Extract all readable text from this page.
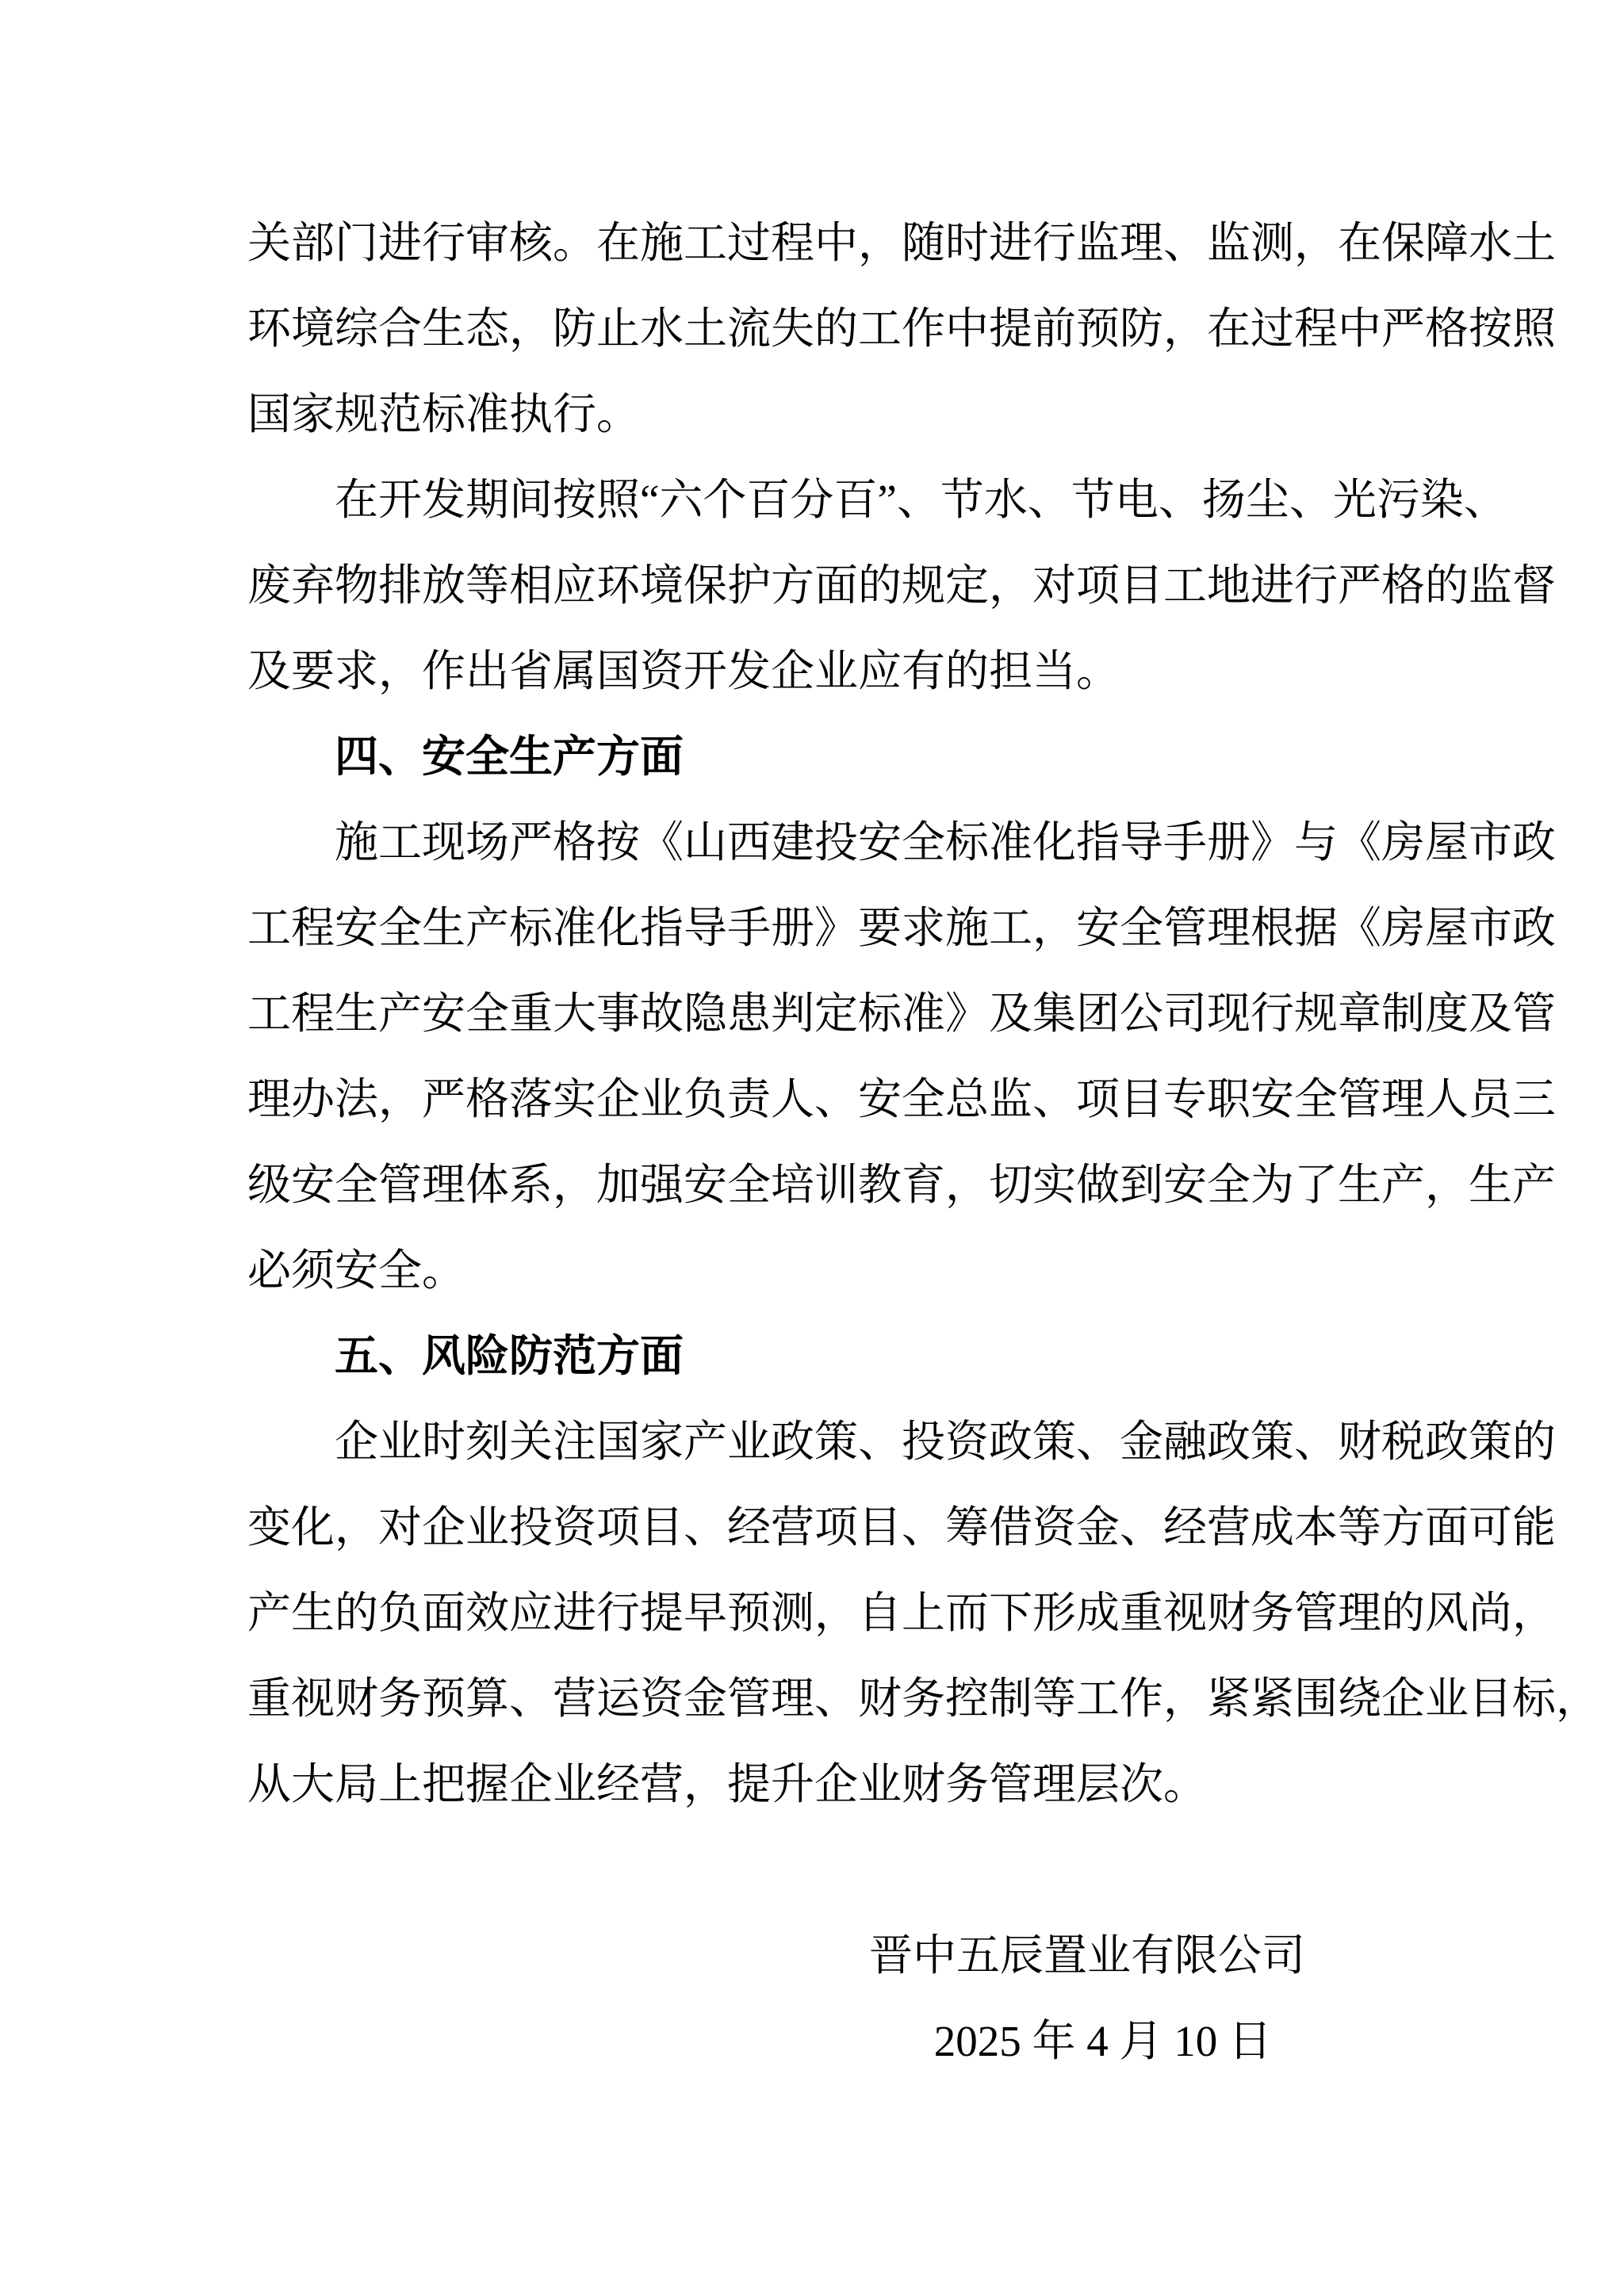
关部门进行审核。在施工过程中，随时进行监理、监测，在保障水土
环境综合生态，防止水土流失的工作中提前预防，在过程中严格按照
国家规范标准执行。
在开发期间按照“六个百分百”、节水、节电、扬尘、光污染、
废弃物排放等相应环境保护方面的规定，对项目工地进行严格的监督
及要求，作出省属国资开发企业应有的担当。
四、安全生产方面
施工现场严格按《山西建投安全标准化指导手册》与《房屋市政
工程安全生产标准化指导手册》要求施工，安全管理根据《房屋市政
工程生产安全重大事故隐患判定标准》及集团公司现行规章制度及管
理办法，严格落实企业负责人、安全总监、项目专职安全管理人员三
级安全管理体系，加强安全培训教育，切实做到安全为了生产，生产
必须安全。
五、风险防范方面
企业时刻关注国家产业政策、投资政策、金融政策、财税政策的
变化，对企业投资项目、经营项目、筹借资金、经营成本等方面可能
产生的负面效应进行提早预测，自上而下形成重视财务管理的风尚，
重视财务预算、营运资金管理、财务控制等工作，紧紧围绕企业目标，
从大局上把握企业经营，提升企业财务管理层次。
晋中五辰置业有限公司
2025 年 4 月 10 日
